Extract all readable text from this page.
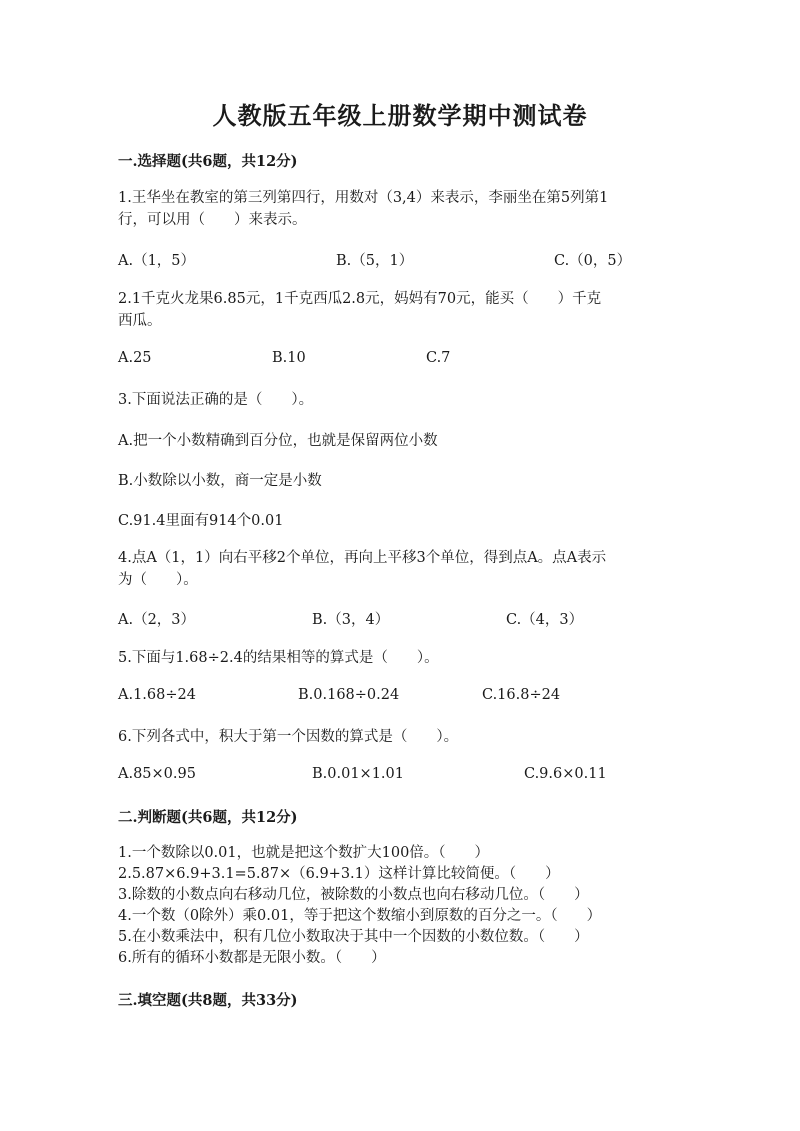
人教版五年级上册数学期中测试卷
一.选择题(共6题，共12分)
1.王华坐在教室的第三列第四行，用数对（3,4）来表示，李丽坐在第5列第1
行，可以用（　　）来表示。
A.（1，5）	B.（5，1）	C.（0，5）
2.1千克火龙果6.85元，1千克西瓜2.8元，妈妈有70元，能买（　　）千克
西瓜。
A.25	B.10	C.7
3.下面说法正确的是（　　）。
A.把一个小数精确到百分位，也就是保留两位小数
B.小数除以小数，商一定是小数
C.91.4里面有914个0.01
4.点A（1，1）向右平移2个单位，再向上平移3个单位，得到点A。点A表示
为（　　）。
A.（2，3）	B.（3，4）	C.（4，3）
5.下面与1.68÷2.4的结果相等的算式是（　　）。
A.1.68÷24	B.0.168÷0.24	C.16.8÷24
6.下列各式中，积大于第一个因数的算式是（　　）。
A.85×0.95	B.0.01×1.01	C.9.6×0.11
二.判断题(共6题，共12分)
1.一个数除以0.01，也就是把这个数扩大100倍。（　　）
2.5.87×6.9+3.1=5.87×（6.9+3.1）这样计算比较简便。（　　）
3.除数的小数点向右移动几位，被除数的小数点也向右移动几位。（　　）
4.一个数（0除外）乘0.01，等于把这个数缩小到原数的百分之一。（　　）
5.在小数乘法中，积有几位小数取决于其中一个因数的小数位数。（　　）
6.所有的循环小数都是无限小数。（　　）
三.填空题(共8题，共33分)
